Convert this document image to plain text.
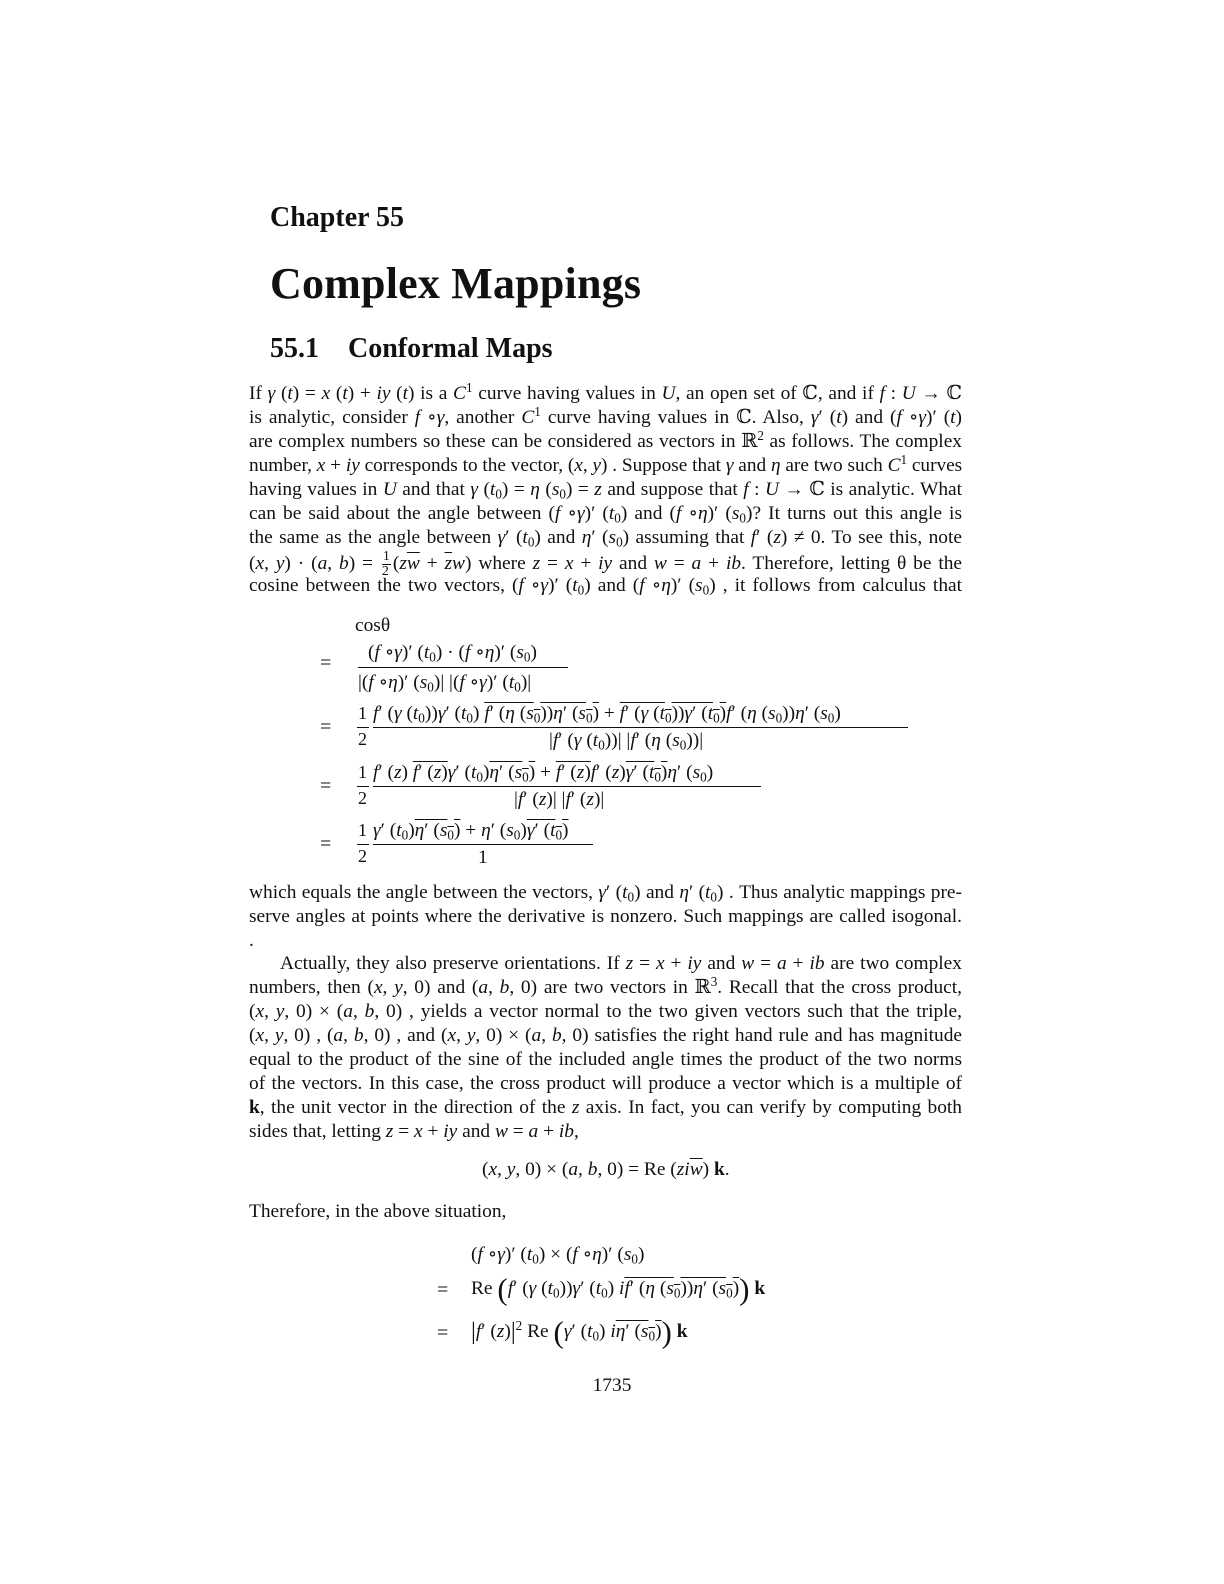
Chapter 55
Complex Mappings
55.1 Conformal Maps
If γ (t) = x (t) + iy (t) is a $C^1$ curve having values in U, an open set of ℂ, and if f : U → ℂ
is analytic, consider f ∘γ, another $C^1$ curve having values in ℂ. Also, γ′ (t) and (f ∘γ)′ (t)
are complex numbers so these can be considered as vectors in ℝ$^2$ as follows. The complex
number, x + iy corresponds to the vector, (x, y) . Suppose that γ and η are two such $C^1$ curves
having values in U and that γ $(t_0) = \eta$ $(s_0) = z$ and suppose that f : U → ℂ is analytic. What
can be said about the angle between (f ∘γ)′ $(t_0)$ and (f ∘η)′ $(s_0)$? It turns out this angle is
the same as the angle between γ′ $(t_0)$ and η′ $(s_0)$ assuming that f′ (z) ≠ 0. To see this, note
(x, y) · (a, $b) = \frac{1}{2} (z\overline{w} + \overline{z}w)$ where z = x + iy and w = a + ib. Therefore, letting θ be the
cosine between the two vectors, (f ∘γ)′ $(t_0)$ and (f ∘η)′ $(s_0)$ , it follows from calculus that
cosθ
=
=
=
=
(f ∘γ)′ $(t_0) \cdot (f$ ∘η)′ $(s_0)$
|(f ∘η)′ $(s_0)|$ |(f ∘γ)′ $(t_0)|$
1
2
f′ (γ $(t_0))\gamma'$ $(t_0)$ f′ (η $(s_0))\eta'$ $(s_0) + f'$ (γ $(t_0))\gamma'$ $(t_0)f'$ (η $(s_0))\eta'$ $(s_0)$
|f′ (γ $(t_0))|$ |f′ (η $(s_0))|$
1
2
f′ (z) f′ (z)γ′ $(t_0)\eta'$ $(s_0) + f'$ (z)f′ (z)γ′ $(t_0)\eta'$ $(s_0)$
|f′ (z)| |f′ (z)|
1
2
γ′ $(t_0)\eta'$ $(s_0) + \eta'$ $(s_0)\gamma'$ $(t_0)$
1
which equals the angle between the vectors, γ′ $(t_0)$ and η′ $(t_0)$ . Thus analytic mappings pre-
serve angles at points where the derivative is nonzero. Such mappings are called isogonal.
.
Actually, they also preserve orientations. If z = x + iy and w = a + ib are two complex
numbers, then (x, y, 0) and (a, b, 0) are two vectors in ℝ$^3$. Recall that the cross product,
(x, y, 0) × (a, b, 0) , yields a vector normal to the two given vectors such that the triple,
(x, y, 0) , (a, b, 0) , and (x, y, 0) × (a, b, 0) satisfies the right hand rule and has magnitude
equal to the product of the sine of the included angle times the product of the two norms
of the vectors. In this case, the cross product will produce a vector which is a multiple of
k, the unit vector in the direction of the z axis. In fact, you can verify by computing both
sides that, letting z = x + iy and w = a + ib,
(x, y, 0) × (a, b, 0) = Re $(zi\overline{w})$ k.
Therefore, in the above situation,
(f ∘γ)′ $(t_0) \times (f$ ∘η)′ $(s_0)$
= Re (f′ (γ $(t_0))\gamma'$ $(t_0)$ if′ (η $(s_0))\eta'$ $(s_0)$) k
= |f′ $(z)|^2$ Re (γ′ $(t_0)$ iη′ $(s_0)$) k
1735
